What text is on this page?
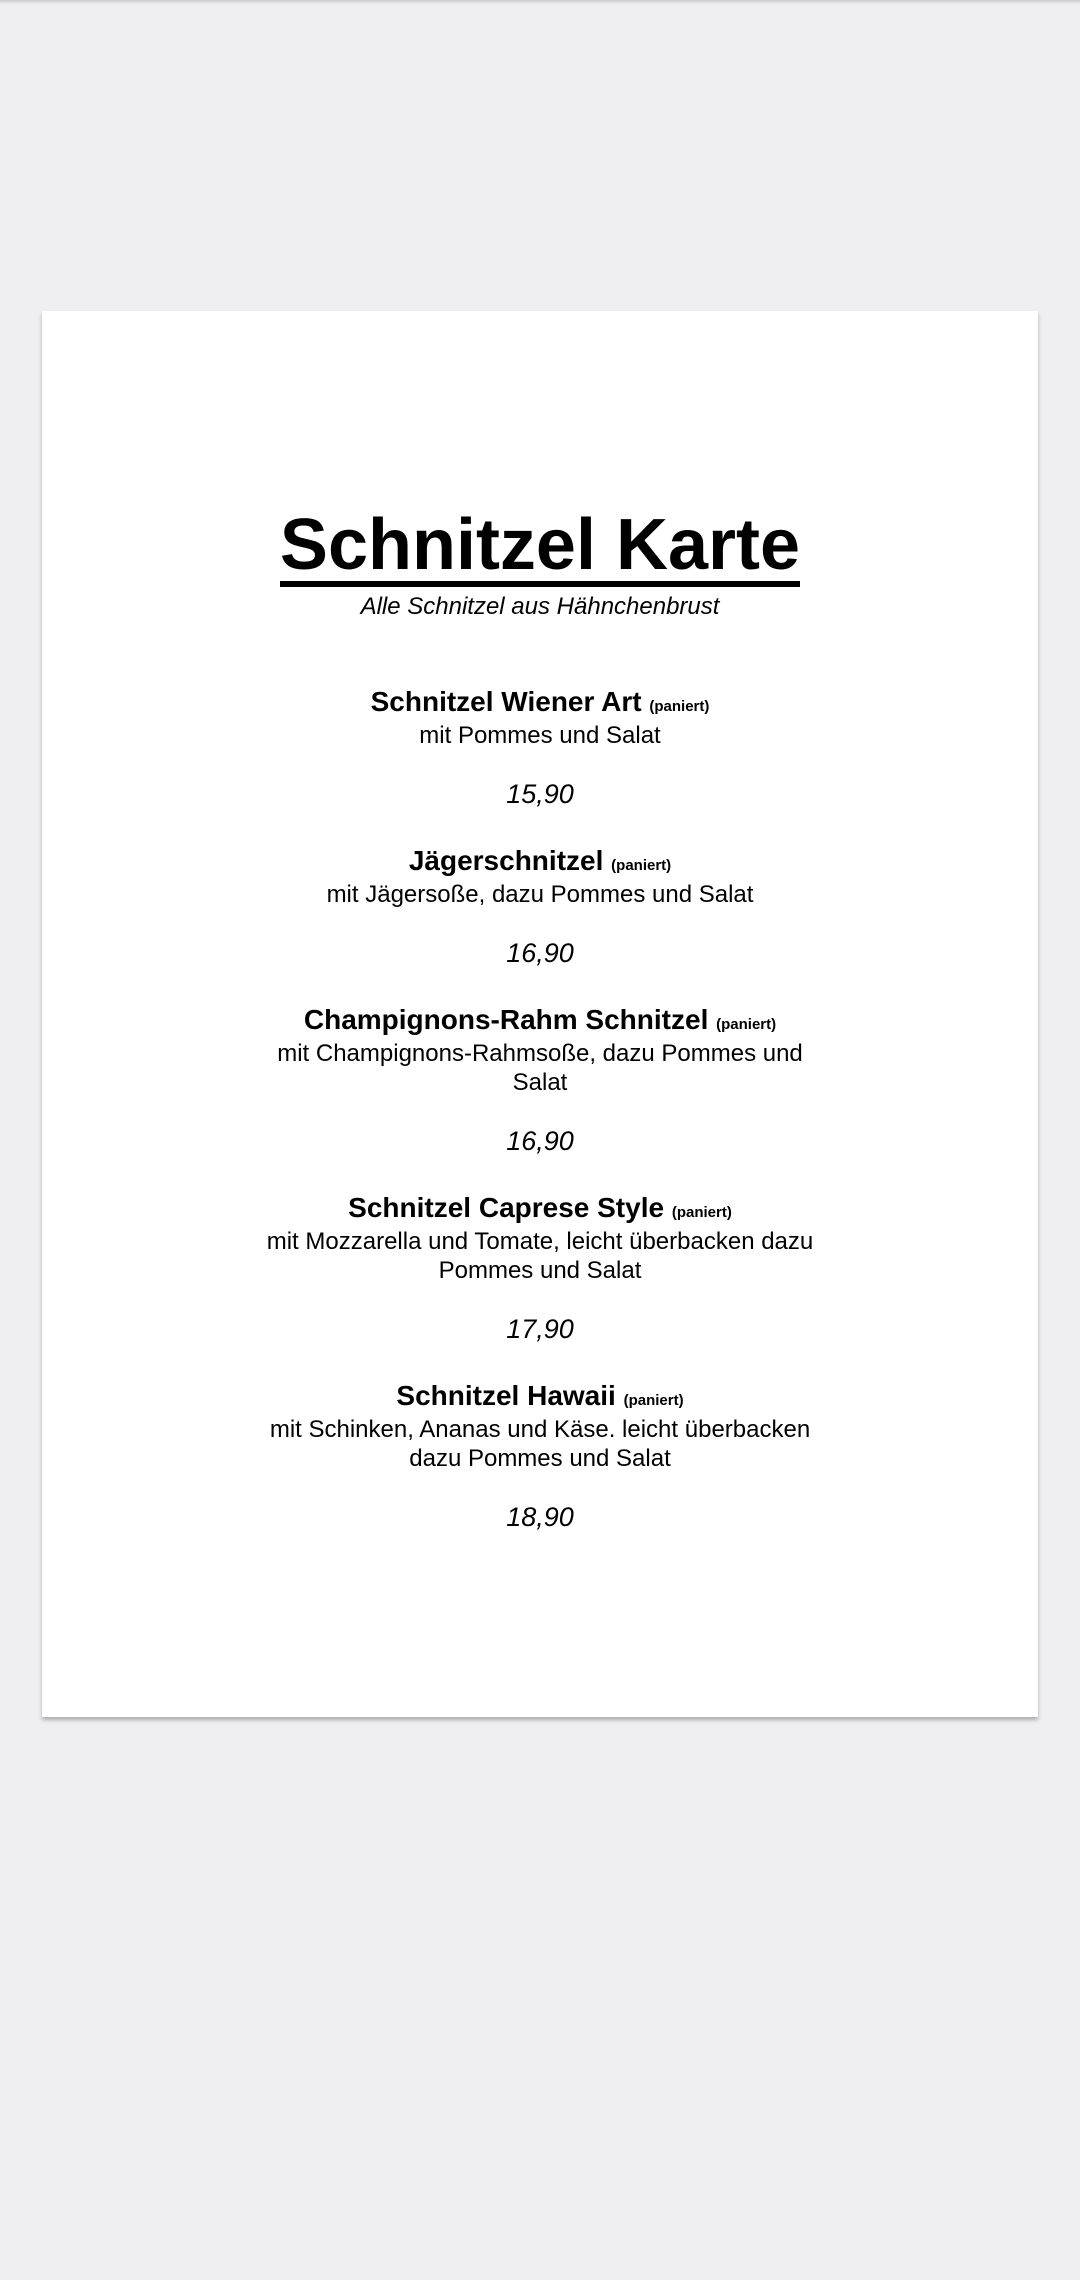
Schnitzel Karte
Alle Schnitzel aus Hähnchenbrust

Schnitzel Wiener Art (paniert)

mit Pommes und Salat

15,90

Jägerschnitzel (paniert)

mit Jägersoße, dazu Pommes und Salat

16,90

Champignons-Rahm Schnitzel (paniert)

mit Champignons-Rahmsoße, dazu Pommes und Salat

16,90

Schnitzel Caprese Style (paniert)

mit Mozzarella und Tomate, leicht überbacken dazu Pommes und Salat

17,90

Schnitzel Hawaii (paniert)

mit Schinken, Ananas und Käse. leicht überbacken dazu Pommes und Salat

18,90
